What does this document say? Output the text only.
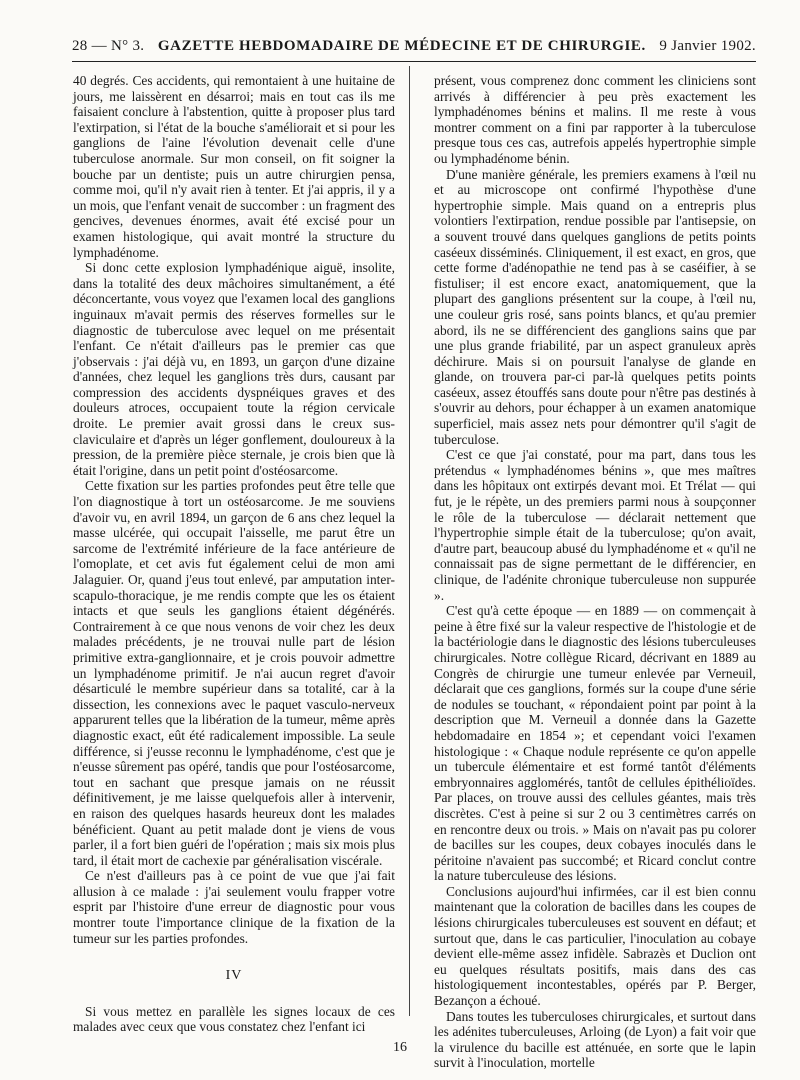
28 — N° 3. GAZETTE HEBDOMADAIRE DE MÉDECINE ET DE CHIRURGIE. 9 Janvier 1902.

40 degrés. Ces accidents, qui remontaient à une huitaine de jours, me laissèrent en désarroi; mais en tout cas ils me faisaient conclure à l'abstention, quitte à proposer plus tard l'extirpation, si l'état de la bouche s'améliorait et si pour les ganglions de l'aine l'évolution devenait celle d'une tuberculose anormale. Sur mon conseil, on fit soigner la bouche par un dentiste; puis un autre chirurgien pensa, comme moi, qu'il n'y avait rien à tenter. Et j'ai appris, il y a un mois, que l'enfant venait de succomber : un fragment des gencives, devenues énormes, avait été excisé pour un examen histologique, qui avait montré la structure du lymphadénome.

Si donc cette explosion lymphadénique aiguë, insolite, dans la totalité des deux mâchoires simultanément, a été déconcertante, vous voyez que l'examen local des ganglions inguinaux m'avait permis des réserves formelles sur le diagnostic de tuberculose avec lequel on me présentait l'enfant. Ce n'était d'ailleurs pas le premier cas que j'observais : j'ai déjà vu, en 1893, un garçon d'une dizaine d'années, chez lequel les ganglions très durs, causant par compression des accidents dyspnéiques graves et des douleurs atroces, occupaient toute la région cervicale droite. Le premier avait grossi dans le creux sus-claviculaire et d'après un léger gonflement, douloureux à la pression, de la première pièce sternale, je crois bien que là était l'origine, dans un petit point d'ostéosarcome.

Cette fixation sur les parties profondes peut être telle que l'on diagnostique à tort un ostéosarcome. Je me souviens d'avoir vu, en avril 1894, un garçon de 6 ans chez lequel la masse ulcérée, qui occupait l'aisselle, me parut être un sarcome de l'extrémité inférieure de la face antérieure de l'omoplate, et cet avis fut également celui de mon ami Jalaguier. Or, quand j'eus tout enlevé, par amputation inter-scapulo-thoracique, je me rendis compte que les os étaient intacts et que seuls les ganglions étaient dégénérés. Contrairement à ce que nous venons de voir chez les deux malades précédents, je ne trouvai nulle part de lésion primitive extra-ganglionnaire, et je crois pouvoir admettre un lymphadénome primitif. Je n'ai aucun regret d'avoir désarticulé le membre supérieur dans sa totalité, car à la dissection, les connexions avec le paquet vasculo-nerveux apparurent telles que la libération de la tumeur, même après diagnostic exact, eût été radicalement impossible. La seule différence, si j'eusse reconnu le lymphadénome, c'est que je n'eusse sûrement pas opéré, tandis que pour l'ostéosarcome, tout en sachant que presque jamais on ne réussit définitivement, je me laisse quelquefois aller à intervenir, en raison des quelques hasards heureux dont les malades bénéficient. Quant au petit malade dont je viens de vous parler, il a fort bien guéri de l'opération ; mais six mois plus tard, il était mort de cachexie par généralisation viscérale.

Ce n'est d'ailleurs pas à ce point de vue que j'ai fait allusion à ce malade : j'ai seulement voulu frapper votre esprit par l'histoire d'une erreur de diagnostic pour vous montrer toute l'importance clinique de la fixation de la tumeur sur les parties profondes.

IV

Si vous mettez en parallèle les signes locaux de ces malades avec ceux que vous constatez chez l'enfant ici

présent, vous comprenez donc comment les cliniciens sont arrivés à différencier à peu près exactement les lymphadénomes bénins et malins. Il me reste à vous montrer comment on a fini par rapporter à la tuberculose presque tous ces cas, autrefois appelés hypertrophie simple ou lymphadénome bénin.

D'une manière générale, les premiers examens à l'œil nu et au microscope ont confirmé l'hypothèse d'une hypertrophie simple. Mais quand on a entrepris plus volontiers l'extirpation, rendue possible par l'antisepsie, on a souvent trouvé dans quelques ganglions de petits points caséeux disséminés. Cliniquement, il est exact, en gros, que cette forme d'adénopathie ne tend pas à se caséifier, à se fistuliser; il est encore exact, anatomiquement, que la plupart des ganglions présentent sur la coupe, à l'œil nu, une couleur gris rosé, sans points blancs, et qu'au premier abord, ils ne se différencient des ganglions sains que par une plus grande friabilité, par un aspect granuleux après déchirure. Mais si on poursuit l'analyse de glande en glande, on trouvera par-ci par-là quelques petits points caséeux, assez étouffés sans doute pour n'être pas destinés à s'ouvrir au dehors, pour échapper à un examen anatomique superficiel, mais assez nets pour démontrer qu'il s'agit de tuberculose.

C'est ce que j'ai constaté, pour ma part, dans tous les prétendus « lymphadénomes bénins », que mes maîtres dans les hôpitaux ont extirpés devant moi. Et Trélat — qui fut, je le répète, un des premiers parmi nous à soupçonner le rôle de la tuberculose — déclarait nettement que l'hypertrophie simple était de la tuberculose; qu'on avait, d'autre part, beaucoup abusé du lymphadénome et « qu'il ne connaissait pas de signe permettant de le différencier, en clinique, de l'adénite chronique tuberculeuse non suppurée ».

C'est qu'à cette époque — en 1889 — on commençait à peine à être fixé sur la valeur respective de l'histologie et de la bactériologie dans le diagnostic des lésions tuberculeuses chirurgicales. Notre collègue Ricard, décrivant en 1889 au Congrès de chirurgie une tumeur enlevée par Verneuil, déclarait que ces ganglions, formés sur la coupe d'une série de nodules se touchant, « répondaient point par point à la description que M. Verneuil a donnée dans la Gazette hebdomadaire en 1854 »; et cependant voici l'examen histologique : « Chaque nodule représente ce qu'on appelle un tubercule élémentaire et est formé tantôt d'éléments embryonnaires agglomérés, tantôt de cellules épithélioïdes. Par places, on trouve aussi des cellules géantes, mais très discrètes. C'est à peine si sur 2 ou 3 centimètres carrés on en rencontre deux ou trois. » Mais on n'avait pas pu colorer de bacilles sur les coupes, deux cobayes inoculés dans le péritoine n'avaient pas succombé; et Ricard conclut contre la nature tuberculeuse des lésions.

Conclusions aujourd'hui infirmées, car il est bien connu maintenant que la coloration de bacilles dans les coupes de lésions chirurgicales tuberculeuses est souvent en défaut; et surtout que, dans le cas particulier, l'inoculation au cobaye devient elle-même assez infidèle. Sabrazès et Duclion ont eu quelques résultats positifs, mais dans des cas histologiquement incontestables, opérés par P. Berger, Bezançon a échoué.

Dans toutes les tuberculoses chirurgicales, et surtout dans les adénites tuberculeuses, Arloing (de Lyon) a fait voir que la virulence du bacille est atténuée, en sorte que le lapin survit à l'inoculation, mortelle

16
